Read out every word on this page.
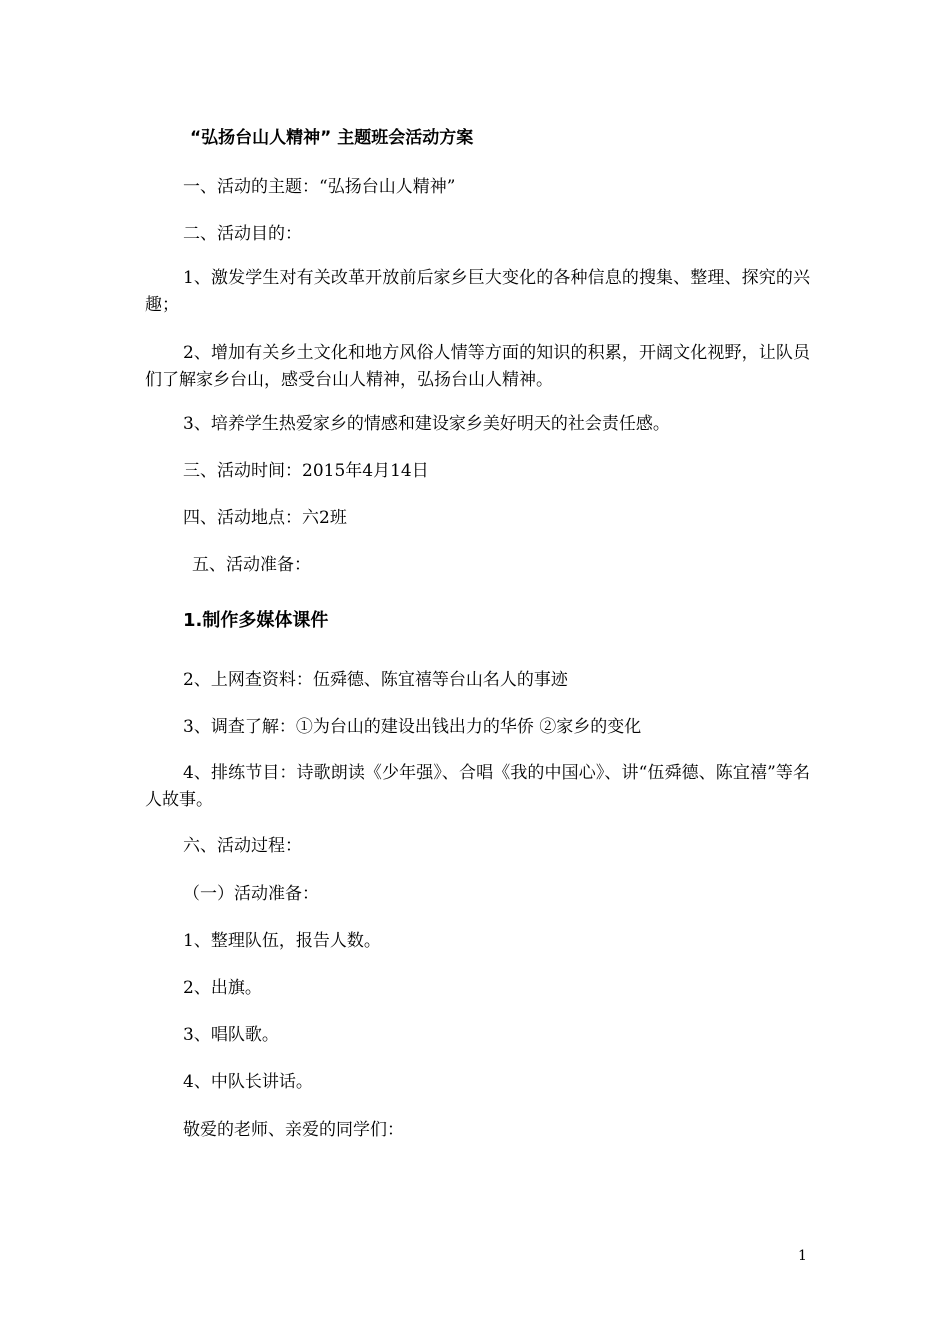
“弘扬台山人精神” 主题班会活动方案
一、活动的主题：“弘扬台山人精神”
二、活动目的：
1、激发学生对有关改革开放前后家乡巨大变化的各种信息的搜集、整理、探究的兴趣；
2、增加有关乡土文化和地方风俗人情等方面的知识的积累，开阔文化视野，让队员们了解家乡台山，感受台山人精神，弘扬台山人精神。
3、培养学生热爱家乡的情感和建设家乡美好明天的社会责任感。
三、活动时间：2015年4月14日
四、活动地点：六2班
五、活动准备：
1.制作多媒体课件
2、上网查资料：伍舜德、陈宜禧等台山名人的事迹
3、调查了解：①为台山的建设出钱出力的华侨 ②家乡的变化
4、排练节目：诗歌朗读《少年强》、合唱《我的中国心》、讲“伍舜德、陈宜禧”等名人故事。
六、活动过程：
（一）活动准备：
1、整理队伍，报告人数。
2、出旗。
3、唱队歌。
4、中队长讲话。
敬爱的老师、亲爱的同学们：
1
